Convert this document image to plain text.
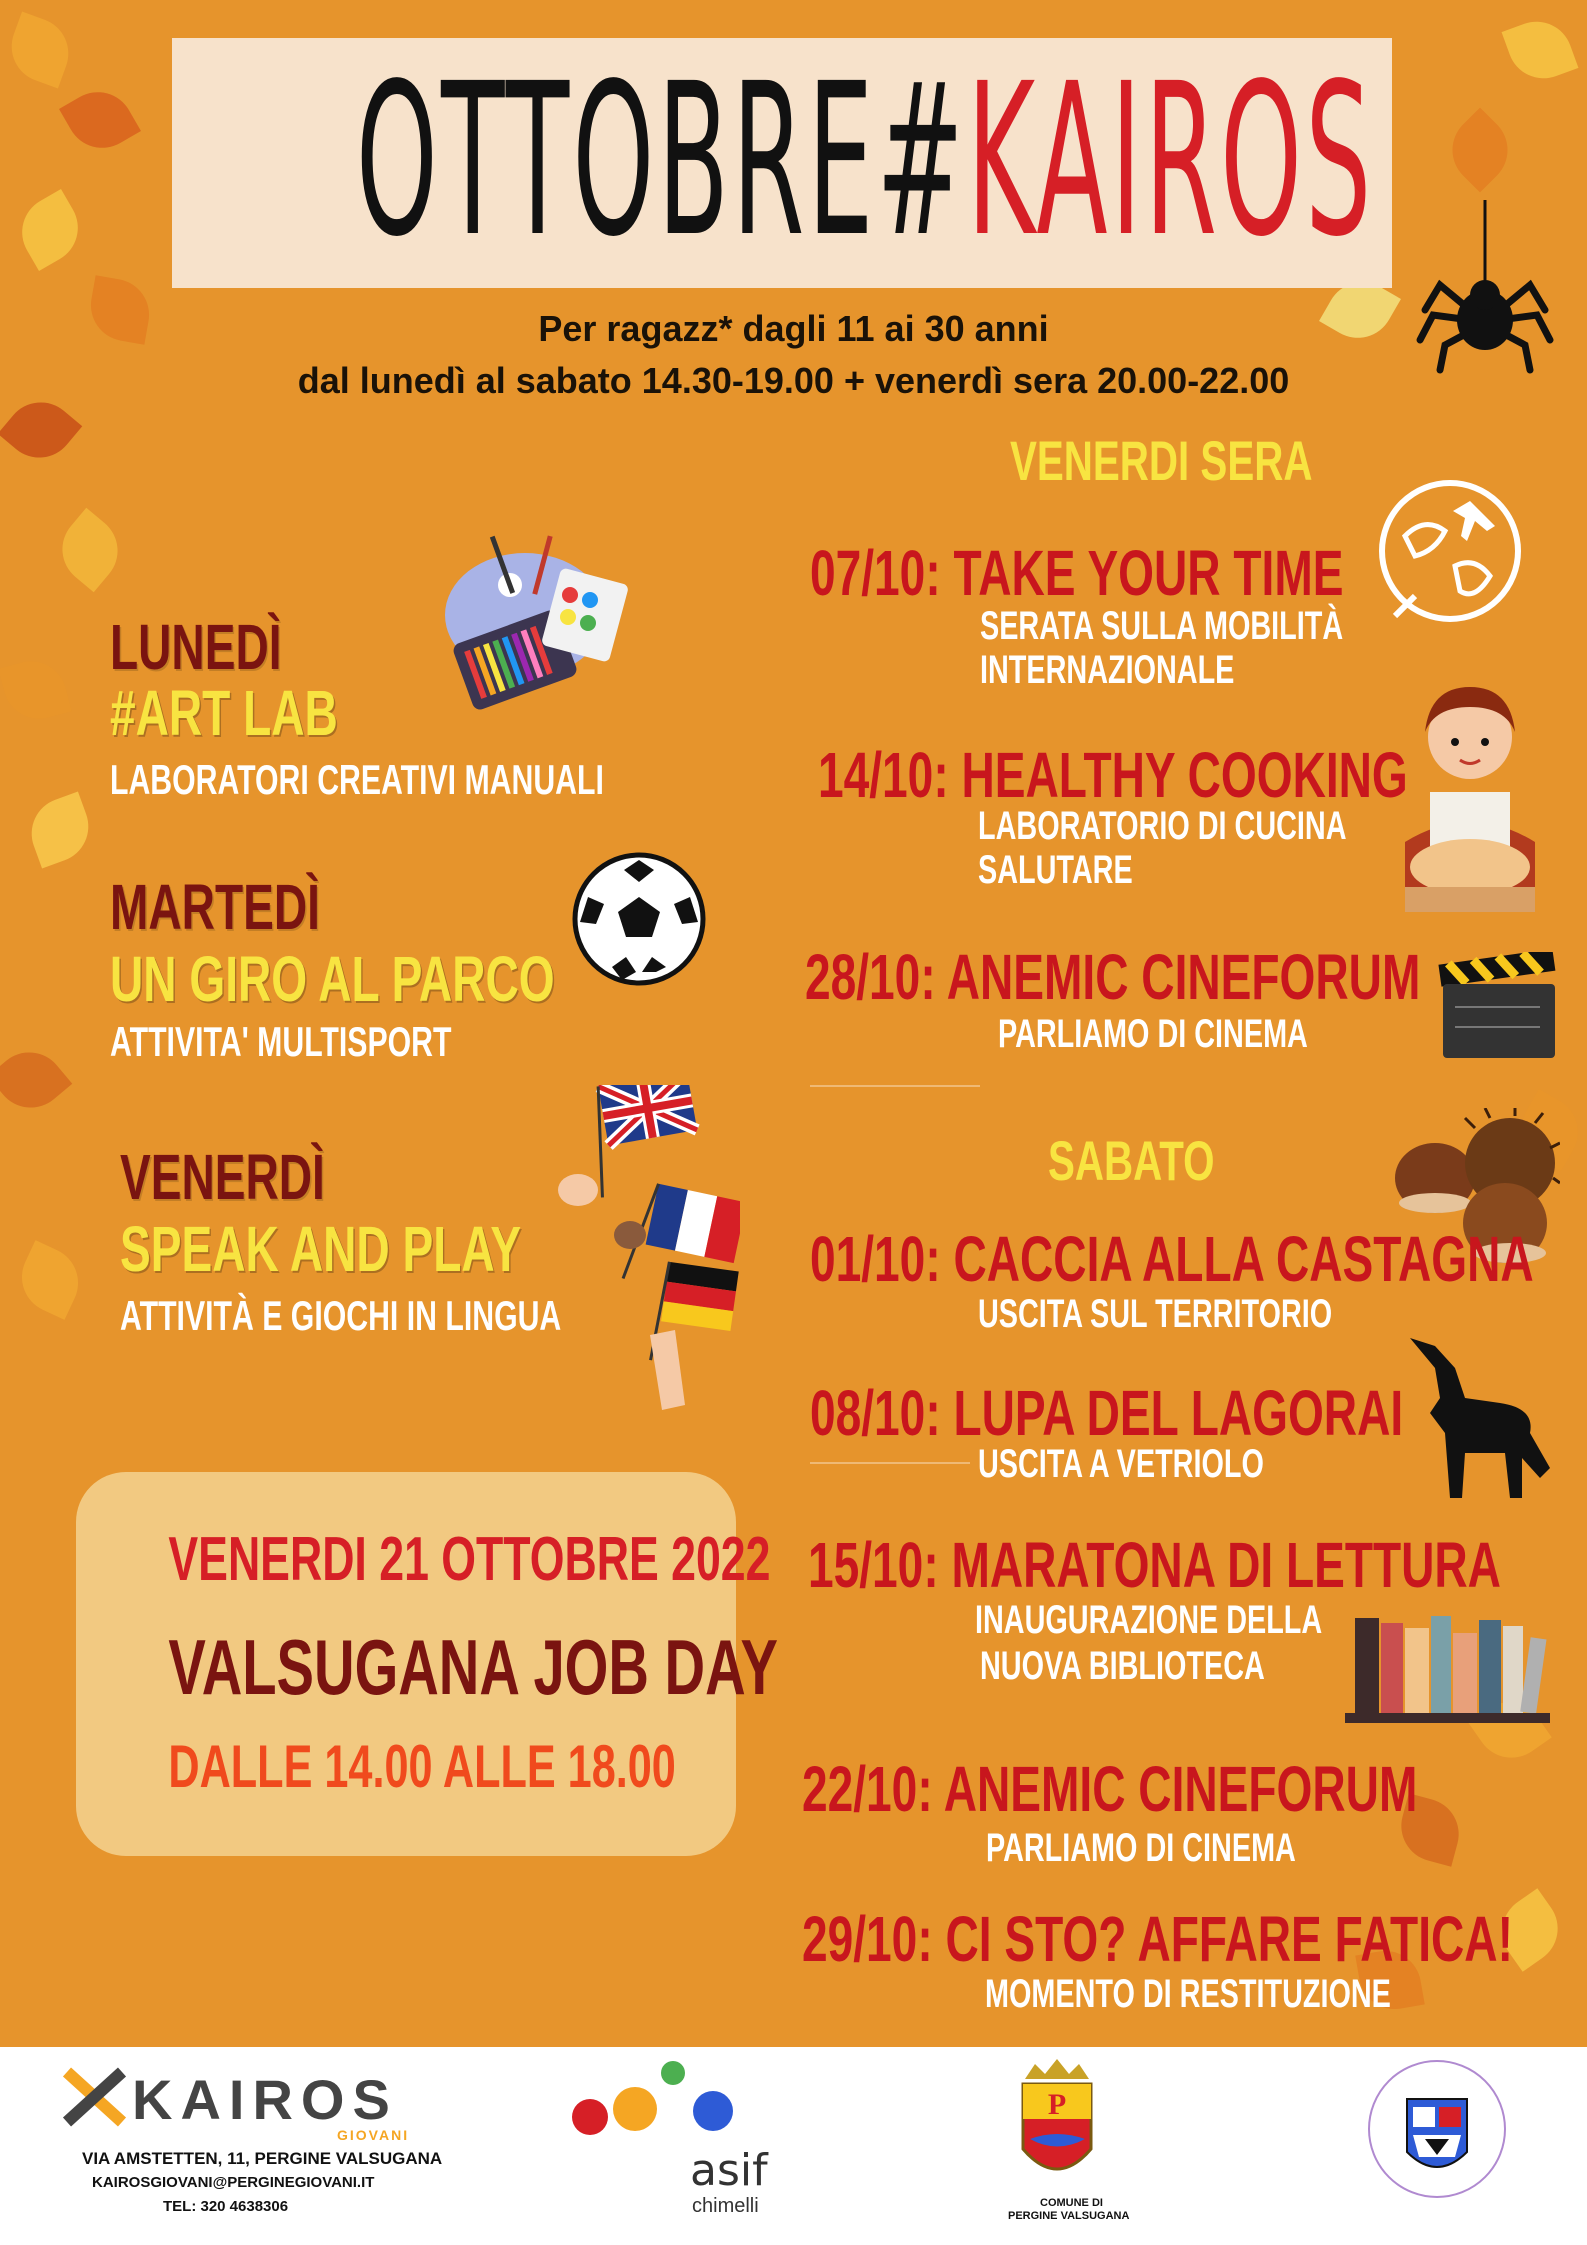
OTTOBRE# KAIROS
Per ragazz* dagli 11 ai 30 anni
dal lunedì al sabato 14.30-19.00 + venerdì sera 20.00-22.00
LUNEDÌ
#ART LAB
LABORATORI CREATIVI MANUALI
MARTEDÌ
UN GIRO AL PARCO
ATTIVITA' MULTISPORT
VENERDÌ
SPEAK AND PLAY
ATTIVITÀ E GIOCHI IN LINGUA
VENERDI 21 OTTOBRE 2022
VALSUGANA JOB DAY
DALLE 14.00 ALLE 18.00
VENERDI SERA
07/10: TAKE YOUR TIME
SERATA SULLA MOBILITÀ
INTERNAZIONALE
14/10: HEALTHY COOKING
LABORATORIO DI CUCINA
SALUTARE
28/10: ANEMIC CINEFORUM
PARLIAMO DI CINEMA
SABATO
01/10: CACCIA ALLA CASTAGNA
USCITA SUL TERRITORIO
08/10: LUPA DEL LAGORAI
USCITA A VETRIOLO
15/10: MARATONA DI LETTURA
INAUGURAZIONE DELLA
NUOVA BIBLIOTECA
22/10: ANEMIC CINEFORUM
PARLIAMO DI CINEMA
29/10: CI STO? AFFARE FATICA!
MOMENTO DI RESTITUZIONE
KAIROS
GIOVANI
VIA AMSTETTEN, 11, PERGINE VALSUGANA
KAIROSGIOVANI@PERGINEGIOVANI.IT
TEL: 320 4638306
asif
chimelli
P
COMUNE DI
PERGINE VALSUGANA
